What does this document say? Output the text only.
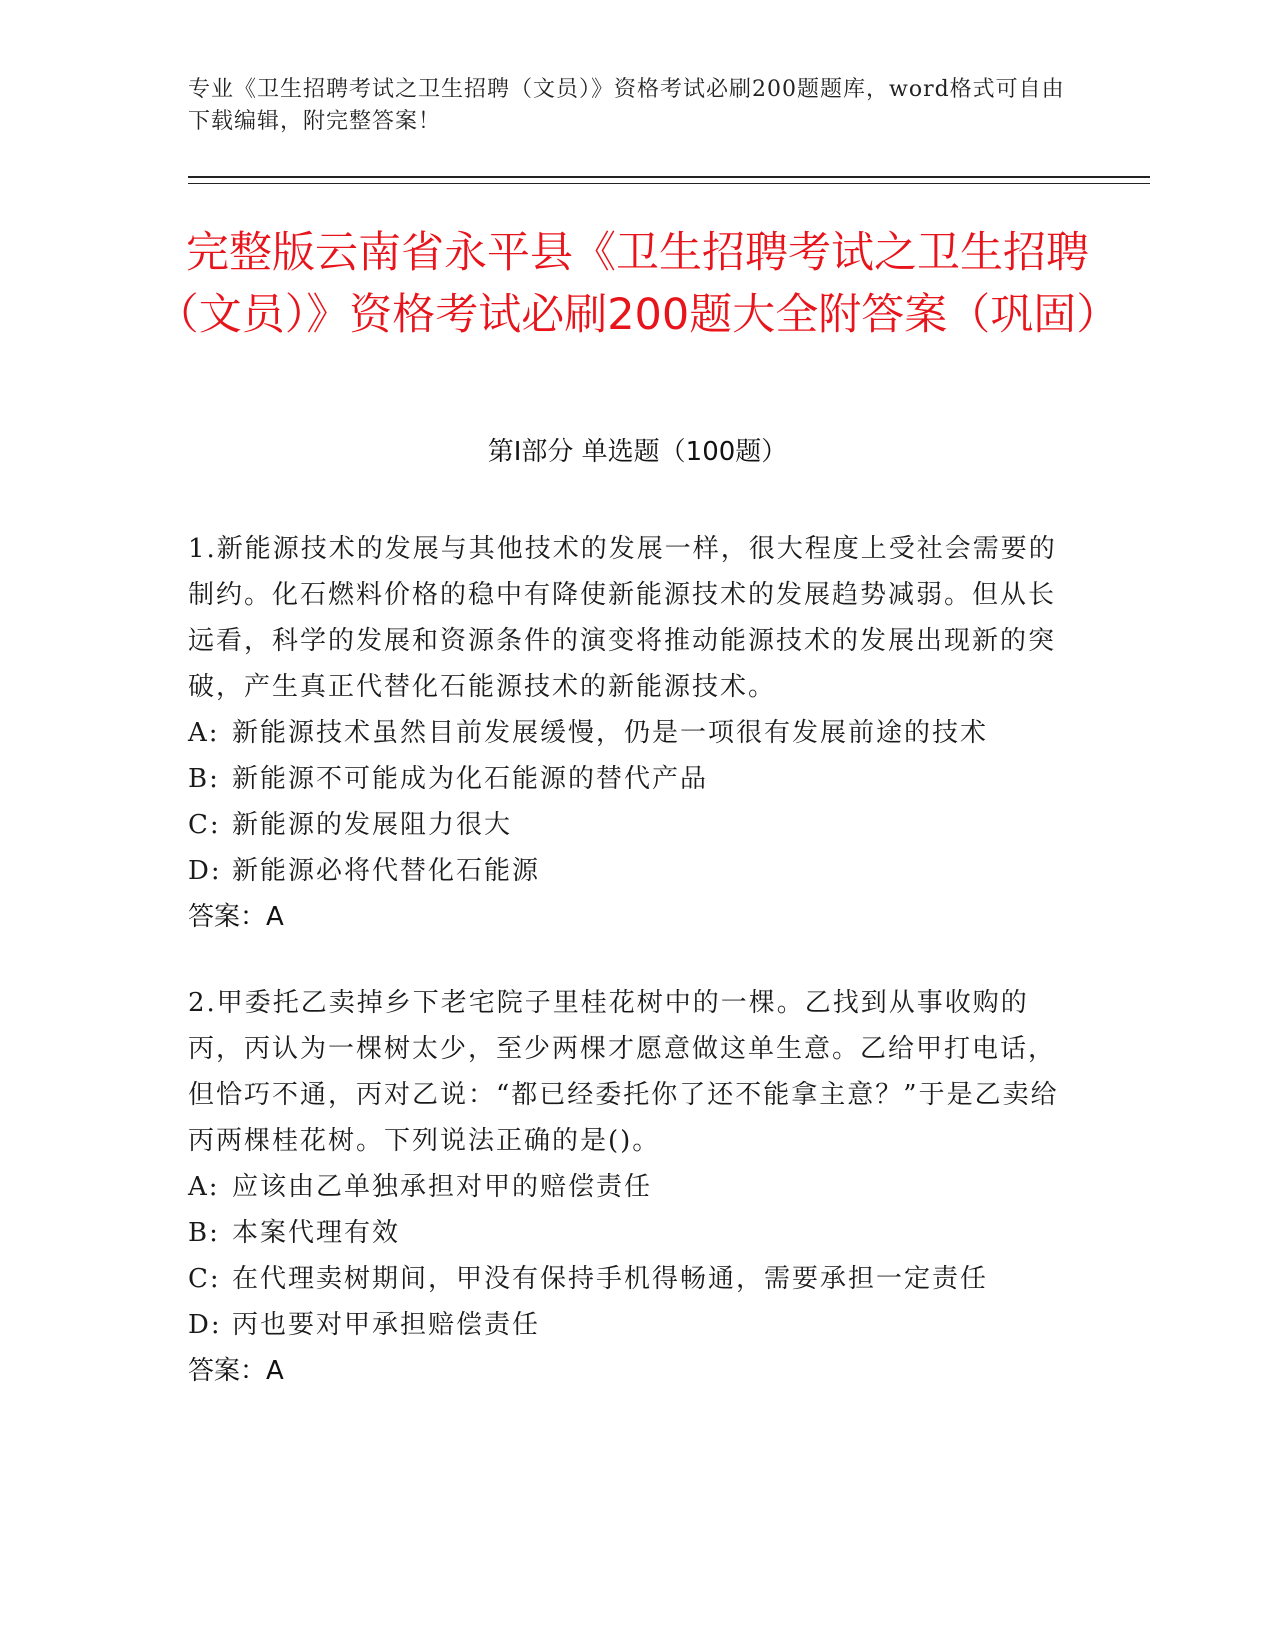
专业《卫生招聘考试之卫生招聘（文员）》资格考试必刷200题题库，word格式可自由下载编辑，附完整答案！
完整版云南省永平县《卫生招聘考试之卫生招聘（文员）》资格考试必刷200题大全附答案（巩固）
第I部分 单选题（100题）

1.新能源技术的发展与其他技术的发展一样，很大程度上受社会需要的制约。化石燃料价格的稳中有降使新能源技术的发展趋势减弱。但从长远看，科学的发展和资源条件的演变将推动能源技术的发展出现新的突破，产生真正代替化石能源技术的新能源技术。

A: 新能源技术虽然目前发展缓慢，仍是一项很有发展前途的技术

B: 新能源不可能成为化石能源的替代产品

C: 新能源的发展阻力很大

D: 新能源必将代替化石能源

答案：A

2.甲委托乙卖掉乡下老宅院子里桂花树中的一棵。乙找到从事收购的丙，丙认为一棵树太少，至少两棵才愿意做这单生意。乙给甲打电话，但恰巧不通，丙对乙说：“都已经委托你了还不能拿主意？”于是乙卖给丙两棵桂花树。下列说法正确的是()。

A: 应该由乙单独承担对甲的赔偿责任

B: 本案代理有效

C: 在代理卖树期间，甲没有保持手机得畅通，需要承担一定责任

D: 丙也要对甲承担赔偿责任

答案：A
